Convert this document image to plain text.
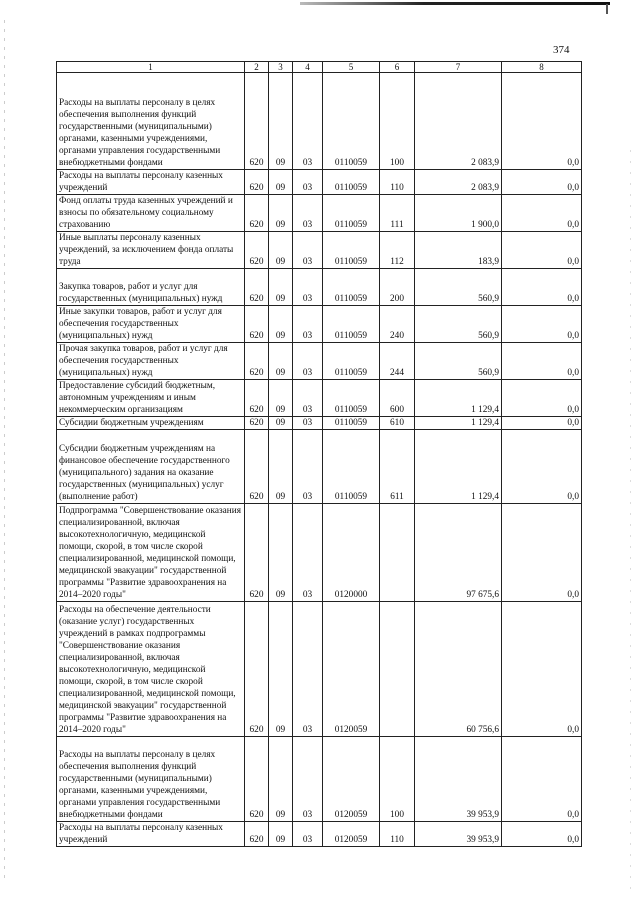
374
1	2	3	4	5	6	7	8
Расходы на выплаты персоналу в целях обеспечения выполнения функций государственными (муниципальными) органами, казенными учреждениями, органами управления государственными внебюджетными фондами	620	09	03	0110059	100	2 083,9	0,0
Расходы на выплаты персоналу казенных учреждений	620	09	03	0110059	110	2 083,9	0,0
Фонд оплаты труда казенных учреждений и взносы по обязательному социальному страхованию	620	09	03	0110059	111	1 900,0	0,0
Иные выплаты персоналу казенных учреждений, за исключением фонда оплаты труда	620	09	03	0110059	112	183,9	0,0
Закупка товаров, работ и услуг для государственных (муниципальных) нужд	620	09	03	0110059	200	560,9	0,0
Иные закупки товаров, работ и услуг для обеспечения государственных (муниципальных) нужд	620	09	03	0110059	240	560,9	0,0
Прочая закупка товаров, работ и услуг для обеспечения государственных (муниципальных) нужд	620	09	03	0110059	244	560,9	0,0
Предоставление субсидий бюджетным, автономным учреждениям и иным некоммерческим организациям	620	09	03	0110059	600	1 129,4	0,0
Субсидии бюджетным учреждениям	620	09	03	0110059	610	1 129,4	0,0
Субсидии бюджетным учреждениям на финансовое обеспечение государственного (муниципального) задания на оказание государственных (муниципальных) услуг (выполнение работ)	620	09	03	0110059	611	1 129,4	0,0
Подпрограмма "Совершенствование оказания специализированной, включая высокотехнологичную, медицинской помощи, скорой, в том числе скорой специализированной, медицинской помощи, медицинской эвакуации" государственной программы "Развитие здравоохранения на 2014–2020 годы"	620	09	03	0120000		97 675,6	0,0
Расходы на обеспечение деятельности (оказание услуг) государственных учреждений в рамках подпрограммы "Совершенствование оказания специализированной, включая высокотехнологичную, медицинской помощи, скорой, в том числе скорой специализированной, медицинской помощи, медицинской эвакуации" государственной программы "Развитие здравоохранения на 2014–2020 годы"	620	09	03	0120059		60 756,6	0,0
Расходы на выплаты персоналу в целях обеспечения выполнения функций государственными (муниципальными) органами, казенными учреждениями, органами управления государственными внебюджетными фондами	620	09	03	0120059	100	39 953,9	0,0
Расходы на выплаты персоналу казенных учреждений	620	09	03	0120059	110	39 953,9	0,0
